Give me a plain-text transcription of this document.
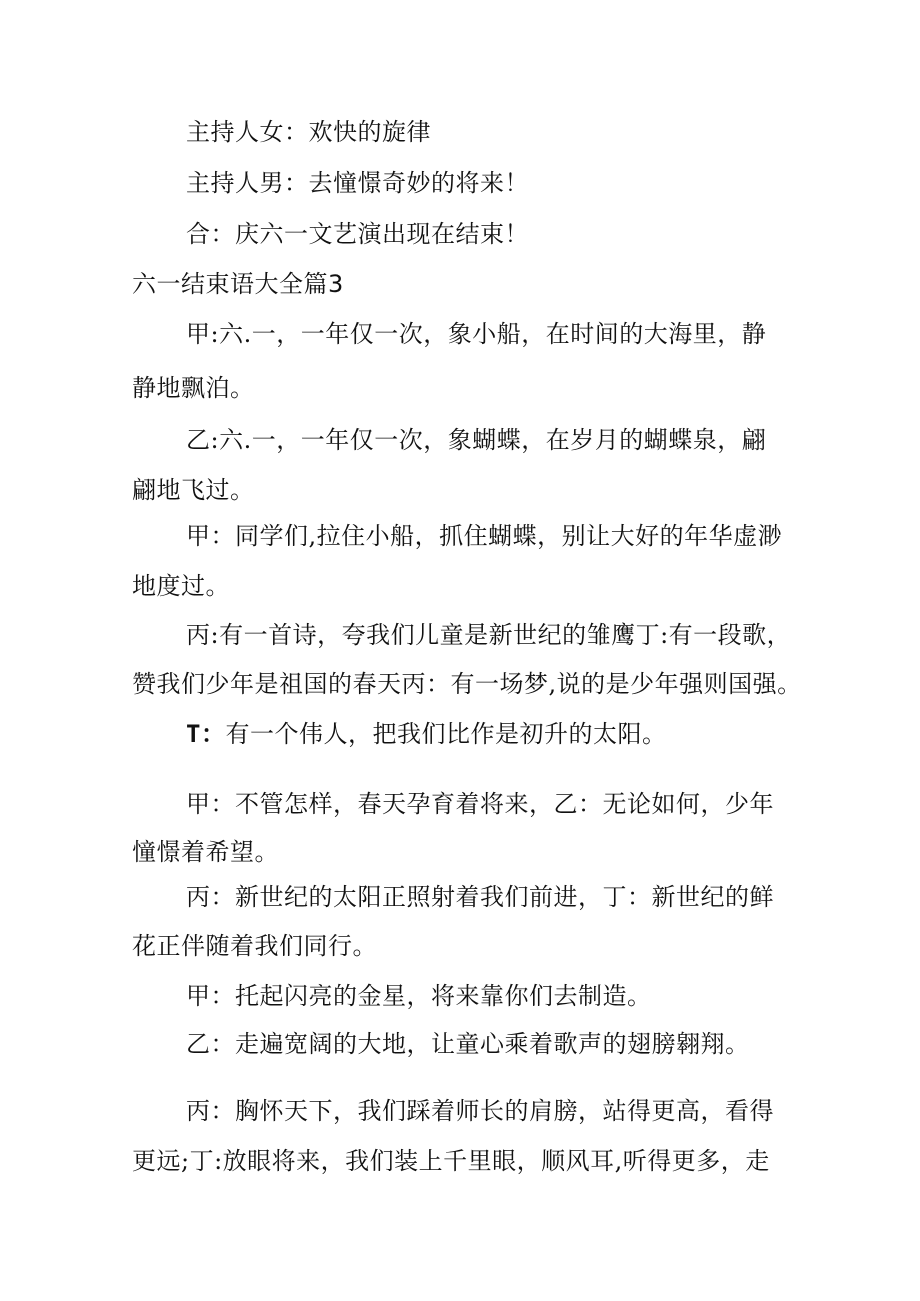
主持人女：欢快的旋律
主持人男：去憧憬奇妙的将来！
合：庆六一文艺演出现在结束！
六一结束语大全篇3
甲:六.一，一年仅一次，象小船，在时间的大海里，静
静地飘泊。
乙:六.一，一年仅一次，象蝴蝶，在岁月的蝴蝶泉，翩
翩地飞过。
甲：同学们,拉住小船，抓住蝴蝶，别让大好的年华虚渺
地度过。
丙:有一首诗，夸我们儿童是新世纪的雏鹰丁:有一段歌，
赞我们少年是祖国的春天丙：有一场梦,说的是少年强则国强。
T：有一个伟人，把我们比作是初升的太阳。
甲：不管怎样，春天孕育着将来，乙：无论如何，少年
憧憬着希望。
丙：新世纪的太阳正照射着我们前进，丁：新世纪的鲜
花正伴随着我们同行。
甲：托起闪亮的金星，将来靠你们去制造。
乙：走遍宽阔的大地，让童心乘着歌声的翅膀翱翔。
丙：胸怀天下，我们踩着师长的肩膀，站得更高，看得
更远;丁:放眼将来，我们装上千里眼，顺风耳,听得更多，走
